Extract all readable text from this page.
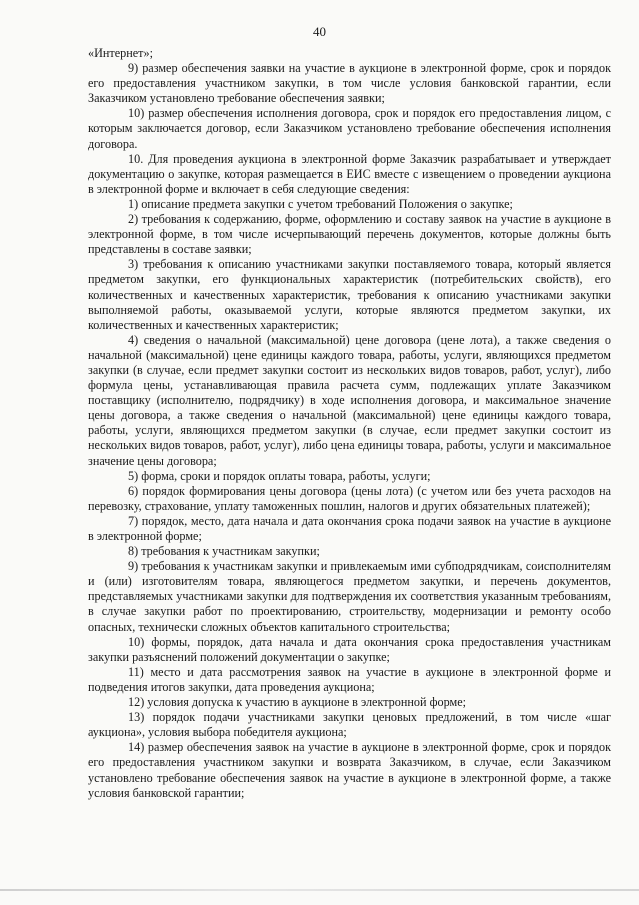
40

«Интернет»;

9) размер обеспечения заявки на участие в аукционе в электронной форме, срок и порядок его предоставления участником закупки, в том числе условия банковской гарантии, если Заказчиком установлено требование обеспечения заявки;

10) размер обеспечения исполнения договора, срок и порядок его предоставления лицом, с которым заключается договор, если Заказчиком установлено требование обеспечения исполнения договора.

10. Для проведения аукциона в электронной форме Заказчик разрабатывает и утверждает документацию о закупке, которая размещается в ЕИС вместе с извещением о проведении аукциона в электронной форме и включает в себя следующие сведения:

1) описание предмета закупки с учетом требований Положения о закупке;

2) требования к содержанию, форме, оформлению и составу заявок на участие в аукционе в электронной форме, в том числе исчерпывающий перечень документов, которые должны быть представлены в составе заявки;

3) требования к описанию участниками закупки поставляемого товара, который является предметом закупки, его функциональных характеристик (потребительских свойств), его количественных и качественных характеристик, требования к описанию участниками закупки выполняемой работы, оказываемой услуги, которые являются предметом закупки, их количественных и качественных характеристик;

4) сведения о начальной (максимальной) цене договора (цене лота), а также сведения о начальной (максимальной) цене единицы каждого товара, работы, услуги, являющихся предметом закупки (в случае, если предмет закупки состоит из нескольких видов товаров, работ, услуг), либо формула цены, устанавливающая правила расчета сумм, подлежащих уплате Заказчиком поставщику (исполнителю, подрядчику) в ходе исполнения договора, и максимальное значение цены договора, а также сведения о начальной (максимальной) цене единицы каждого товара, работы, услуги, являющихся предметом закупки (в случае, если предмет закупки состоит из нескольких видов товаров, работ, услуг), либо цена единицы товара, работы, услуги и максимальное значение цены договора;

5) форма, сроки и порядок оплаты товара, работы, услуги;

6) порядок формирования цены договора (цены лота) (с учетом или без учета расходов на перевозку, страхование, уплату таможенных пошлин, налогов и других обязательных платежей);

7) порядок, место, дата начала и дата окончания срока подачи заявок на участие в аукционе в электронной форме;

8) требования к участникам закупки;

9) требования к участникам закупки и привлекаемым ими субподрядчикам, соисполнителям и (или) изготовителям товара, являющегося предметом закупки, и перечень документов, представляемых участниками закупки для подтверждения их соответствия указанным требованиям, в случае закупки работ по проектированию, строительству, модернизации и ремонту особо опасных, технически сложных объектов капитального строительства;

10) формы, порядок, дата начала и дата окончания срока предоставления участникам закупки разъяснений положений документации о закупке;

11) место и дата рассмотрения заявок на участие в аукционе в электронной форме и подведения итогов закупки, дата проведения аукциона;

12) условия допуска к участию в аукционе в электронной форме;

13) порядок подачи участниками закупки ценовых предложений, в том числе «шаг аукциона», условия выбора победителя аукциона;

14) размер обеспечения заявок на участие в аукционе в электронной форме, срок и порядок его предоставления участником закупки и возврата Заказчиком, в случае, если Заказчиком установлено требование обеспечения заявок на участие в аукционе в электронной форме, а также условия банковской гарантии;
